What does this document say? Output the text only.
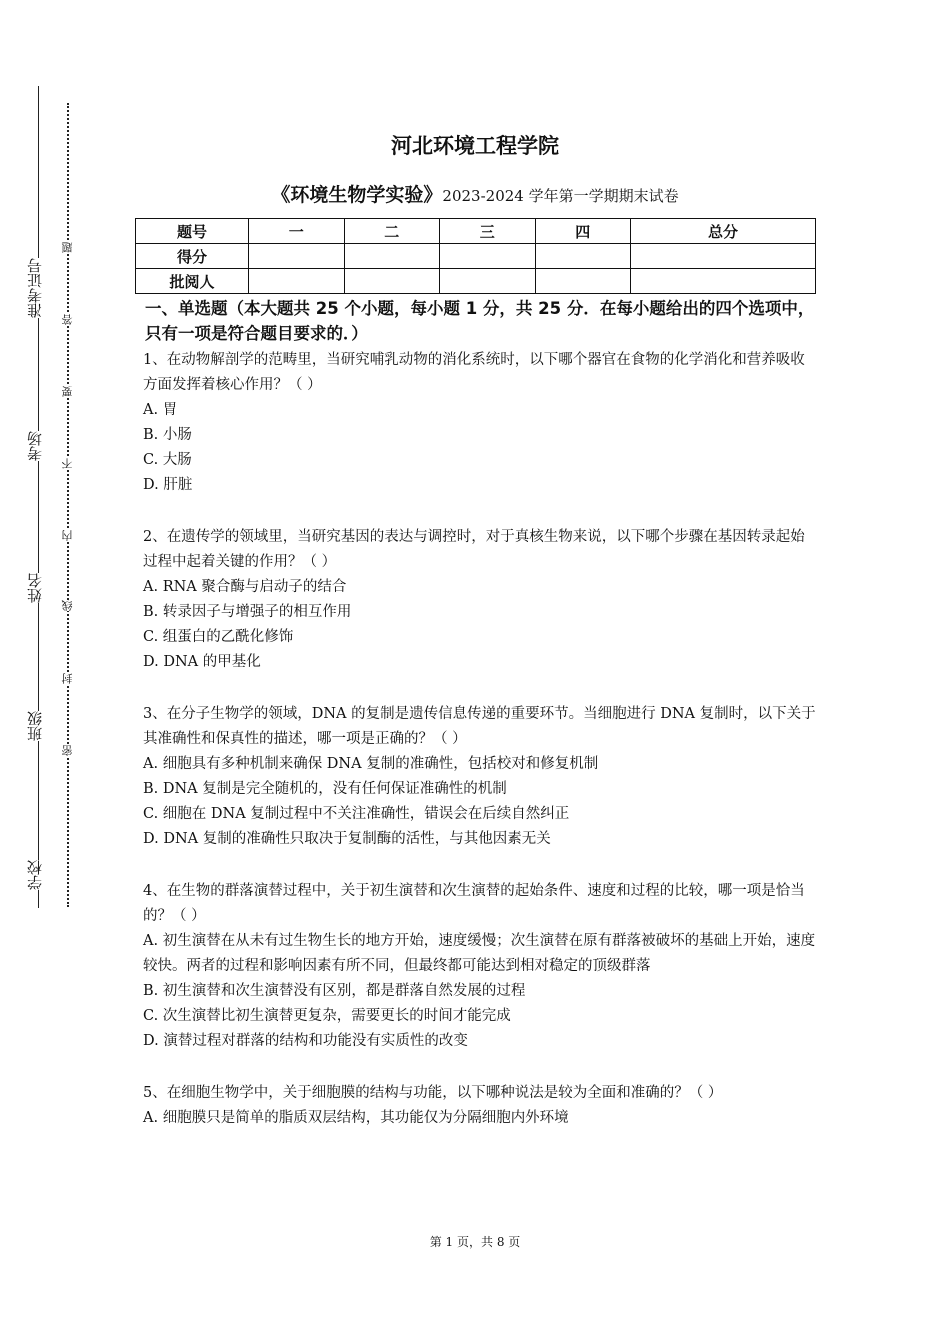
学校
班级
姓名
考场
准考证号
密
封
线
内
不
要
答
题
河北环境工程学院
《环境生物学实验》2023-2024 学年第一学期期末试卷
题号	一	二	三	四	总分
得分					
批阅人					
一、单选题（本大题共 25 个小题，每小题 1 分，共 25 分．在每小题给出的四个选项中，只有一项是符合题目要求的．）

1、在动物解剖学的范畴里，当研究哺乳动物的消化系统时，以下哪个器官在食物的化学消化和营养吸收方面发挥着核心作用？（ ）

A. 胃

B. 小肠

C. 大肠

D. 肝脏

2、在遗传学的领域里，当研究基因的表达与调控时，对于真核生物来说，以下哪个步骤在基因转录起始过程中起着关键的作用？（ ）

A. RNA 聚合酶与启动子的结合

B. 转录因子与增强子的相互作用

C. 组蛋白的乙酰化修饰

D. DNA 的甲基化

3、在分子生物学的领域，DNA 的复制是遗传信息传递的重要环节。当细胞进行 DNA 复制时，以下关于其准确性和保真性的描述，哪一项是正确的？（ ）

A. 细胞具有多种机制来确保 DNA 复制的准确性，包括校对和修复机制

B. DNA 复制是完全随机的，没有任何保证准确性的机制

C. 细胞在 DNA 复制过程中不关注准确性，错误会在后续自然纠正

D. DNA 复制的准确性只取决于复制酶的活性，与其他因素无关

4、在生物的群落演替过程中，关于初生演替和次生演替的起始条件、速度和过程的比较，哪一项是恰当的？（ ）

A. 初生演替在从未有过生物生长的地方开始，速度缓慢；次生演替在原有群落被破坏的基础上开始，速度较快。两者的过程和影响因素有所不同，但最终都可能达到相对稳定的顶级群落

B. 初生演替和次生演替没有区别，都是群落自然发展的过程

C. 次生演替比初生演替更复杂，需要更长的时间才能完成

D. 演替过程对群落的结构和功能没有实质性的改变

5、在细胞生物学中，关于细胞膜的结构与功能，以下哪种说法是较为全面和准确的？（ ）

A. 细胞膜只是简单的脂质双层结构，其功能仅为分隔细胞内外环境

第 1 页，共 8 页
